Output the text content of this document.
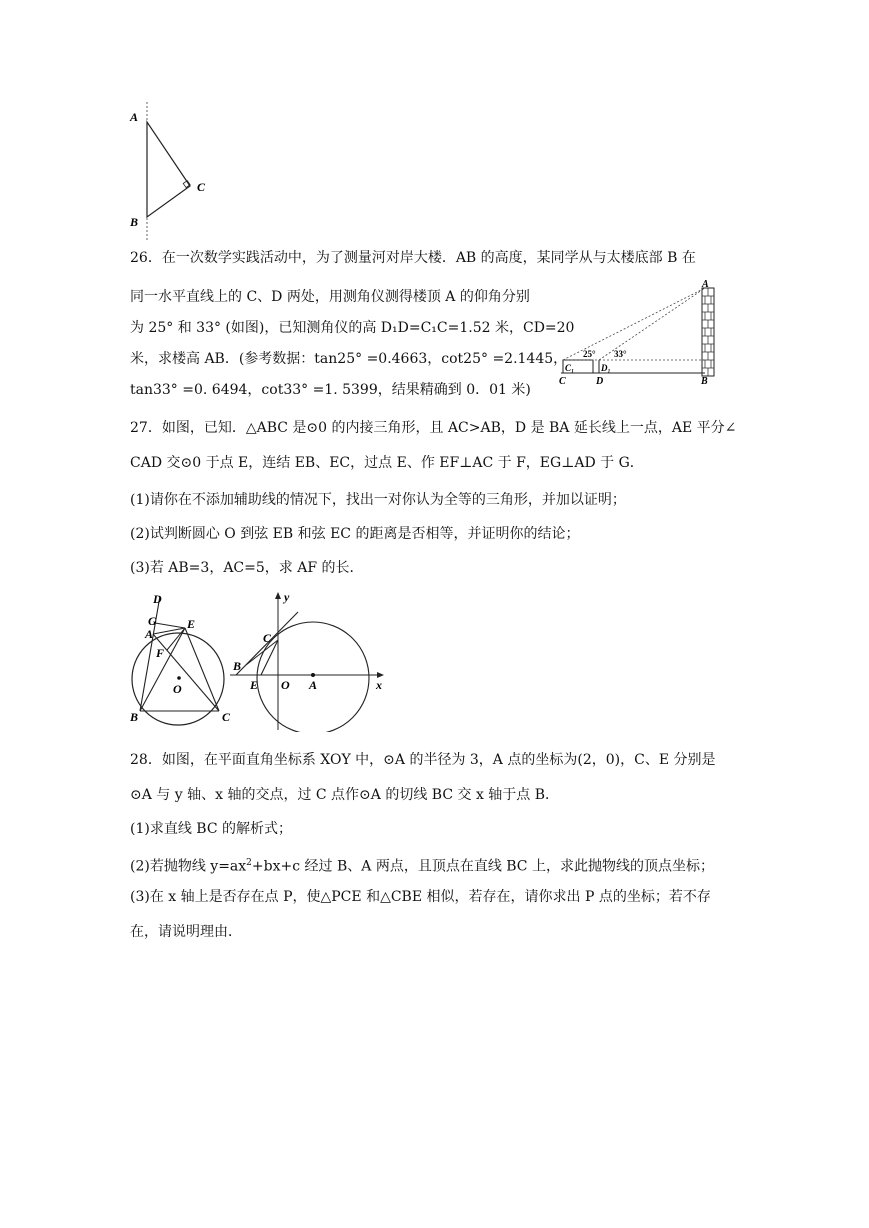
A
B
C
26．在一次数学实践活动中，为了测量河对岸大楼．AB 的高度，某同学从与太楼底部 B 在
同一水平直线上的 C、D 两处，用测角仪测得楼顶 A 的仰角分别
为 25° 和 33° (如图)，已知测角仪的高 D₁D=C₁C=1.52 米，CD=20
米，求楼高 AB．(参考数据：tan25° =0.4663，cot25° =2.1445，
tan33° =0. 6494，cot33° =1. 5399，结果精确到 0．01 米)
A
B
C	D
C₁	D₁
25° 33°
27．如图，已知．△ABC 是⊙0 的内接三角形，且 AC>AB，D 是 BA 延长线上一点，AE 平分∠
CAD 交⊙0 于点 E，连结 EB、EC，过点 E、作 EF⊥AC 于 F，EG⊥AD 于 G．
(1)请你在不添加辅助线的情况下，找出一对你认为全等的三角形，并加以证明；
(2)试判断圆心 O 到弦 EB 和弦 EC 的距离是否相等，并证明你的结论；
(3)若 AB=3，AC=5，求 AF 的长．
D
G
A
E
F
O
B	C
y
C
B
E O A	x
28．如图，在平面直角坐标系 XOY 中，⊙A 的半径为 3，A 点的坐标为(2，0)，C、E 分别是
⊙A 与 y 轴、x 轴的交点，过 C 点作⊙A 的切线 BC 交 x 轴于点 B．
(1)求直线 BC 的解析式；
(2)若抛物线 $y=ax^2+bx+c$ 经过 B、A 两点，且顶点在直线 BC 上，求此抛物线的顶点坐标；
(3)在 x 轴上是否存在点 P，使△PCE 和△CBE 相似，若存在，请你求出 P 点的坐标；若不存
在，请说明理由．
